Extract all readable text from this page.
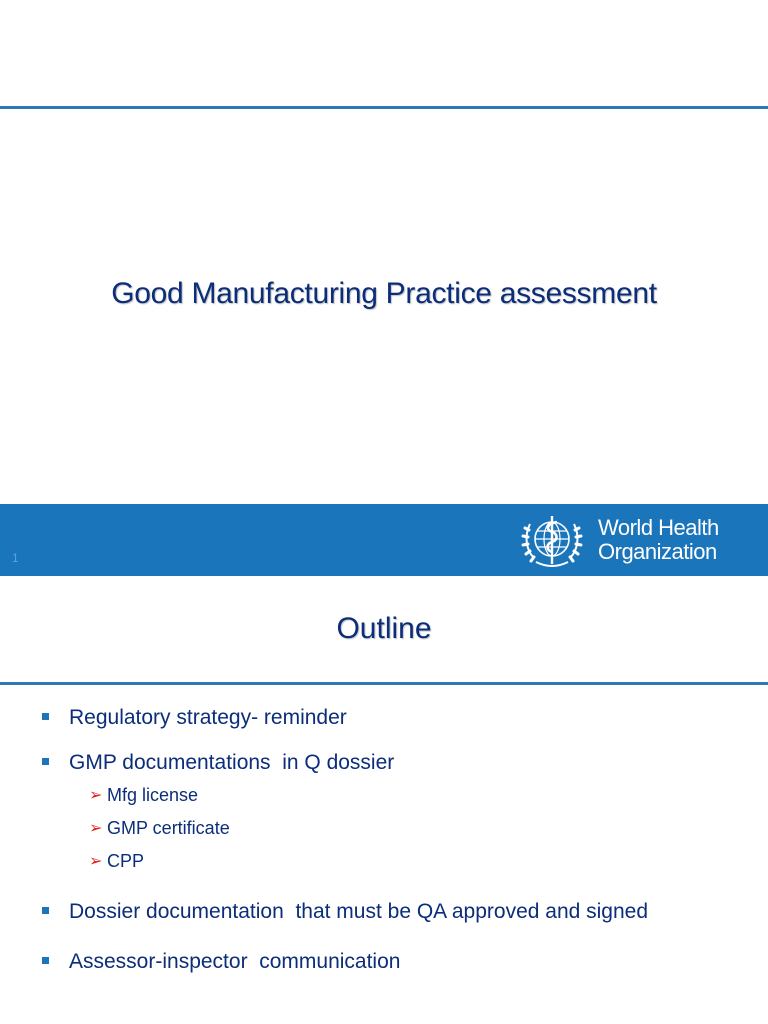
Good Manufacturing Practice assessment
1
World Health
Organization
Outline
Regulatory strategy- reminder
GMP documentations  in Q dossier
➢ Mfg license
➢ GMP certificate
➢ CPP
Dossier documentation  that must be QA approved and signed
Assessor-inspector  communication
